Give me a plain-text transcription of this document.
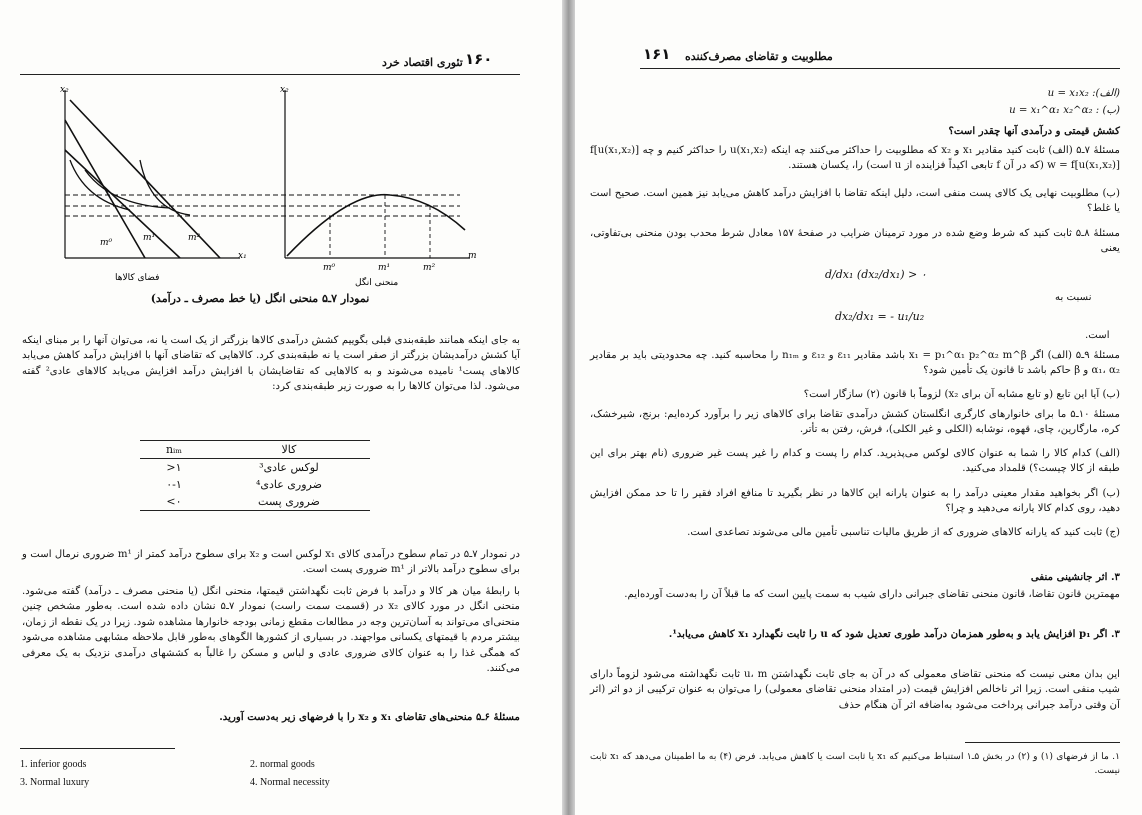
۱۶۰
تئوری اقتصاد خرد
x₂
x₁
m⁰	m¹	m²
فضای کالاها
x₂
m
m⁰	m¹	m²
منحنی انگل
نمودار ۷ـ۵ منحنی انگل (یا خط مصرف ـ درآمد)
به جای اینکه همانند طبقه‌بندی قبلی بگوییم کشش درآمدی کالاها بزرگتر از یک است یا نه، می‌توان آنها را بر مبنای اینکه آیا کشش درآمدیشان بزرگتر از صفر است یا نه طبقه‌بندی کرد. کالاهایی که تقاضای آنها با افزایش درآمد کاهش می‌یابد کالاهای پست¹ نامیده می‌شوند و به کالاهایی که تقاضایشان با افزایش درآمد افزایش می‌یابد کالاهای عادی² گفته می‌شود. لذا می‌توان کالاها را به صورت زیر طبقه‌بندی کرد:
کالا	nᵢₘ
لوکس عادی³	>۱
ضروری عادی⁴	۰-۱
ضروری پست	<۰
در نمودار ۷ـ۵ در تمام سطوح درآمدی کالای x₁ لوکس است و x₂ برای سطوح درآمد کمتر از m¹ ضروری نرمال است و برای سطوح درآمد بالاتر از m¹ ضروری پست است.
با رابطهٔ میان هر کالا و درآمد با فرض ثابت نگهداشتن قیمتها، منحنی انگل (یا منحنی مصرف ـ درآمد) گفته می‌شود. منحنی انگل در مورد کالای x₂ در (قسمت سمت راست) نمودار ۷ـ۵ نشان داده شده است. به‌طور مشخص چنین منحنی‌ای می‌تواند به آسان‌ترین وجه در مطالعات مقطع زمانی بودجه خانوارها مشاهده شود. زیرا در یک نقطه از زمان، بیشتر مردم با قیمتهای یکسانی مواجهند. در بسیاری از کشورها الگوهای به‌طور قابل ملاحظه مشابهی مشاهده می‌شود که همگی غذا را به عنوان کالای ضروری عادی و لباس و مسکن را غالباً به کششهای درآمدی نزدیک به یک معرفی می‌کنند.
مسئلهٔ ۶ـ۵ منحنی‌های تقاضای x₁ و x₂ را با فرضهای زیر به‌دست آورید.
1. inferior goods	2. normal goods
3. Normal luxury	4. Normal necessity
۱۶۱ مطلوبیت و تقاضای مصرف‌کننده
(الف): u = x₁x₂
(ب) : u = x₁^α₁ x₂^α₂
کشش قیمتی و درآمدی آنها چقدر است؟
مسئلهٔ ۷ـ۵ (الف) ثابت کنید مقادیر x₁ و x₂ که مطلوبیت را حداکثر می‌کنند چه اینکه u(x₁,x₂) را حداکثر کنیم و چه f[u(x₁,x₂)] w = f[u(x₁,x₂)] (که در آن f تابعی اکیداً فزاینده از u است) را، یکسان هستند.
(ب) مطلوبیت نهایی یک کالای پست منفی است، دلیل اینکه تقاضا با افزایش درآمد کاهش می‌یابد نیز همین است. صحیح است یا غلط؟
مسئلهٔ ۸ـ۵ ثابت کنید که شرط وضع شده در مورد ترمینان ضرایب در صفحهٔ ۱۵۷ معادل شرط محدب بودن منحنی بی‌تفاوتی، یعنی
d/dx₁ (dx₂/dx₁) > ۰
نسبت به
dx₂/dx₁ = - u₁/u₂
است.
مسئلهٔ ۹ـ۵ (الف) اگر x₁ = p₁^α₁ p₂^α₂ m^β باشد مقادیر ε₁₁ و ε₁₂ و n₁ₘ را محاسبه کنید. چه محدودیتی باید بر مقادیر α₁، α₂ و β حاکم باشد تا قانون یک تأمین شود؟
(ب) آیا این تابع (و تابع مشابه آن برای x₂) لزوماً با قانون (۲) سازگار است؟
مسئلهٔ ۱۰ـ۵ ما برای خانوارهای کارگری انگلستان کشش درآمدی تقاضا برای کالاهای زیر را برآورد کرده‌ایم: برنج، شیرخشک، کره، مارگارین، چای، قهوه، نوشابه (الکلی و غیر الکلی)، فرش، رفتن به تأتر.
(الف) کدام کالا را شما به عنوان کالای لوکس می‌پذیرید. کدام را پست و کدام را غیر پست غیر ضروری (نام بهتر برای این طبقه از کالا چیست؟) قلمداد می‌کنید.
(ب) اگر بخواهید مقدار معینی درآمد را به عنوان یارانه این کالاها در نظر بگیرید تا منافع افراد فقیر را تا حد ممکن افزایش دهید، روی کدام کالا یارانه می‌دهید و چرا؟
(ج) ثابت کنید که یارانه کالاهای ضروری که از طریق مالیات تناسبی تأمین مالی می‌شوند تصاعدی است.
۳. اثر جانشینی منفی
مهمترین قانون تقاضا، قانون منحنی تقاضای جبرانی دارای شیب به سمت پایین است که ما قبلاً آن را به‌دست آورده‌ایم.
۳. اگر p₁ افزایش یابد و به‌طور همزمان درآمد طوری تعدیل شود که u را ثابت نگهدارد x₁ کاهش می‌یابد¹.
این بدان معنی نیست که منحنی تقاضای معمولی که در آن به جای ثابت نگهداشتن u، m ثابت نگهداشته می‌شود لزوماً دارای شیب منفی است. زیرا اثر ناخالص افزایش قیمت (در امتداد منحنی تقاضای معمولی) را می‌توان به عنوان ترکیبی از دو اثر (اثر آن وقتی درآمد جبرانی پرداخت می‌شود به‌اضافه اثر آن هنگام حذف
۱. ما از فرضهای (۱) و (۲) در بخش ۵ـ۱ استنباط می‌کنیم که x₁ یا ثابت است یا کاهش می‌یابد. فرض (۴) به ما اطمینان می‌دهد که x₁ ثابت نیست.
